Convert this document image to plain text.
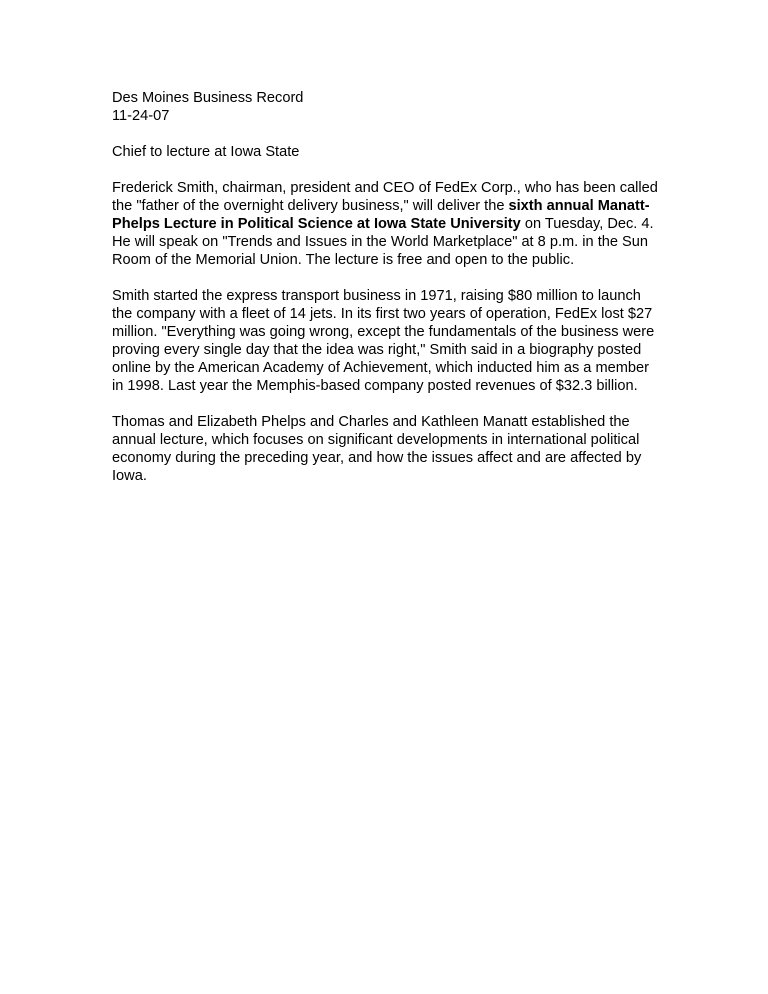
Des Moines Business Record

11-24-07

Chief to lecture at Iowa State

Frederick Smith, chairman, president and CEO of FedEx Corp., who has been called the "father of the overnight delivery business," will deliver the sixth annual Manatt-Phelps Lecture in Political Science at Iowa State University on Tuesday, Dec. 4. He will speak on "Trends and Issues in the World Marketplace" at 8 p.m. in the Sun Room of the Memorial Union. The lecture is free and open to the public.

Smith started the express transport business in 1971, raising $80 million to launch the company with a fleet of 14 jets. In its first two years of operation, FedEx lost $27 million. "Everything was going wrong, except the fundamentals of the business were proving every single day that the idea was right," Smith said in a biography posted online by the American Academy of Achievement, which inducted him as a member in 1998. Last year the Memphis-based company posted revenues of $32.3 billion.

Thomas and Elizabeth Phelps and Charles and Kathleen Manatt established the annual lecture, which focuses on significant developments in international political economy during the preceding year, and how the issues affect and are affected by Iowa.
